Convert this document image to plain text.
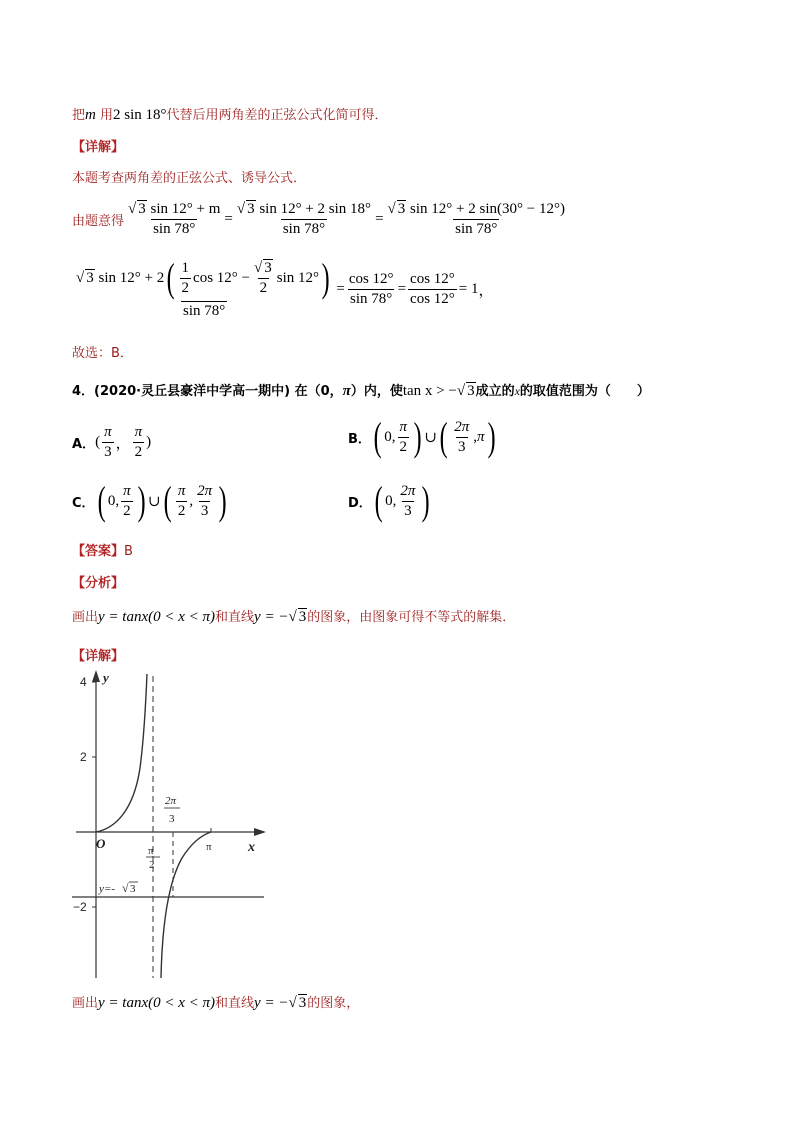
把m 用2 sin 18°代替后用两角差的正弦公式化简可得．
【详解】
本题考查两角差的正弦公式、诱导公式．
由题意得 $\frac{√ 3 \sin 12^\circ + m}{\sin 78^\circ} = \frac{√ 3 \sin 12^\circ + 2 \sin 18^\circ}{\sin 78^\circ} = \frac{√ 3 \sin 12^\circ + 2 \sin(30^\circ - 12^\circ)}{\sin 78^\circ}$
√ 3
sin 12° + 2 ( $\frac{1}{2}$ $\cos 12^\circ - \frac{√ 3}{2}$ sin 12° )
sin 78°
= $\frac{\cos 12^\circ}{\sin 78^\circ} = \frac{\cos 12^\circ}{\cos 12^\circ} = 1$ ，
故选：B．
4．(2020·灵丘县豪洋中学高一期中) 在（0，π）内，使tan x > −√ 3成立的x的取值范围为（　　）
A． ( $\frac{\pi}{3}$ ， $\frac{\pi}{2}$ )	B． ( 0 , $\frac{\pi}{2}$ ) ∪ ( $\frac{2\pi}{3}$ , π )
C． ( 0 , $\frac{\pi}{2}$ ) ∪ ( $\frac{\pi}{2}$ , $\frac{2\pi}{3}$ )	D． ( 0 , $\frac{2\pi}{3}$ )
【答案】B
【分析】
画出y = tanx(0 < x < π)和直线y = −√ 3的图象，由图象可得不等式的解集．
【详解】
4
2
−2
y
x
O	π
2
2π
3
π
y=- √ 3
画出y = tanx(0 < x < π)和直线y = −√ 3的图象，
